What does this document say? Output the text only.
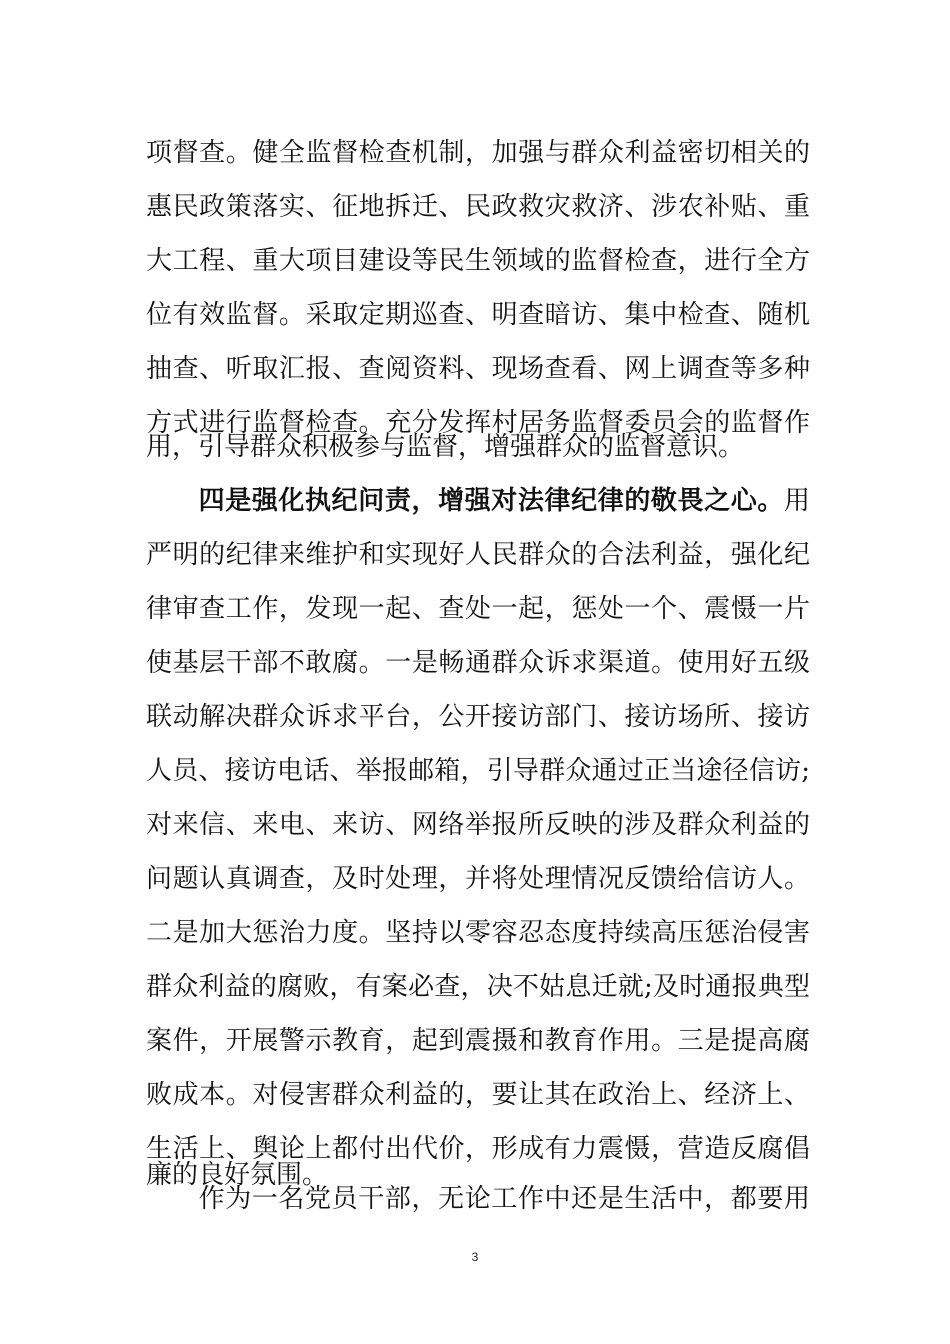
项督查。健全监督检查机制，加强与群众利益密切相关的
惠民政策落实、征地拆迁、民政救灾救济、涉农补贴、重
大工程、重大项目建设等民生领域的监督检查，进行全方
位有效监督。采取定期巡查、明查暗访、集中检查、随机
抽查、听取汇报、查阅资料、现场查看、网上调查等多种
方式进行监督检查。充分发挥村居务监督委员会的监督作
用，引导群众积极参与监督，增强群众的监督意识。
四是强化执纪问责，增强对法律纪律的敬畏之心。用
严明的纪律来维护和实现好人民群众的合法利益，强化纪
律审查工作，发现一起、查处一起，惩处一个、震慑一片
使基层干部不敢腐。一是畅通群众诉求渠道。使用好五级
联动解决群众诉求平台，公开接访部门、接访场所、接访
人员、接访电话、举报邮箱，引导群众通过正当途径信访;
对来信、来电、来访、网络举报所反映的涉及群众利益的
问题认真调查，及时处理，并将处理情况反馈给信访人。
二是加大惩治力度。坚持以零容忍态度持续高压惩治侵害
群众利益的腐败，有案必查，决不姑息迁就;及时通报典型
案件，开展警示教育，起到震摄和教育作用。三是提高腐
败成本。对侵害群众利益的，要让其在政治上、经济上、
生活上、舆论上都付出代价，形成有力震慑，营造反腐倡
廉的良好氛围。
作为一名党员干部，无论工作中还是生活中，都要用
3
